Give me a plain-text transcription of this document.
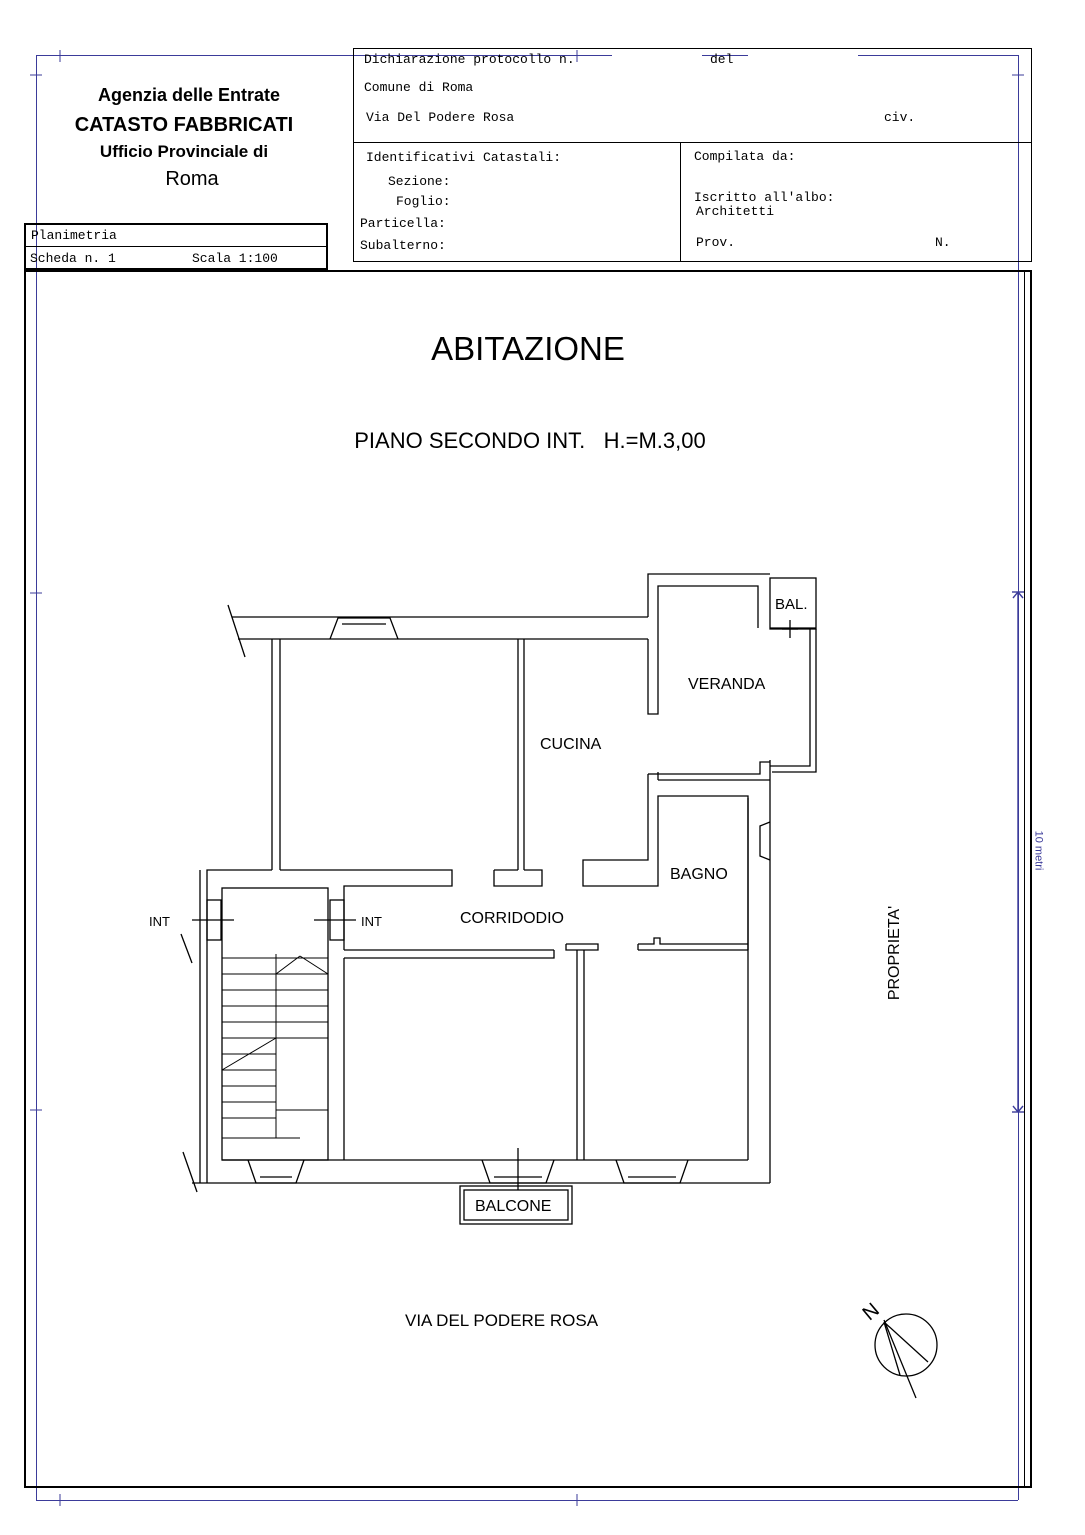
Agenzia delle Entrate
CATASTO FABBRICATI
Ufficio Provinciale di
Roma
Planimetria
Scheda n. 1	Scala 1:100
Dichiarazione protocollo n.	del
Comune di Roma
Via Del Podere Rosa	civ.
Identificativi Catastali:
Sezione:
Foglio:
Particella:
Subalterno:
Compilata da:
Iscritto all'albo:
Architetti
Prov.	N.
ABITAZIONE
PIANO SECONDO INT.   H.=M.3,00
BAL.
VERANDA
CUCINA
BAGNO
CORRIDODIO
INT	INT
BALCONE
PROPRIETA'
10 metri
VIA DEL PODERE ROSA	N
